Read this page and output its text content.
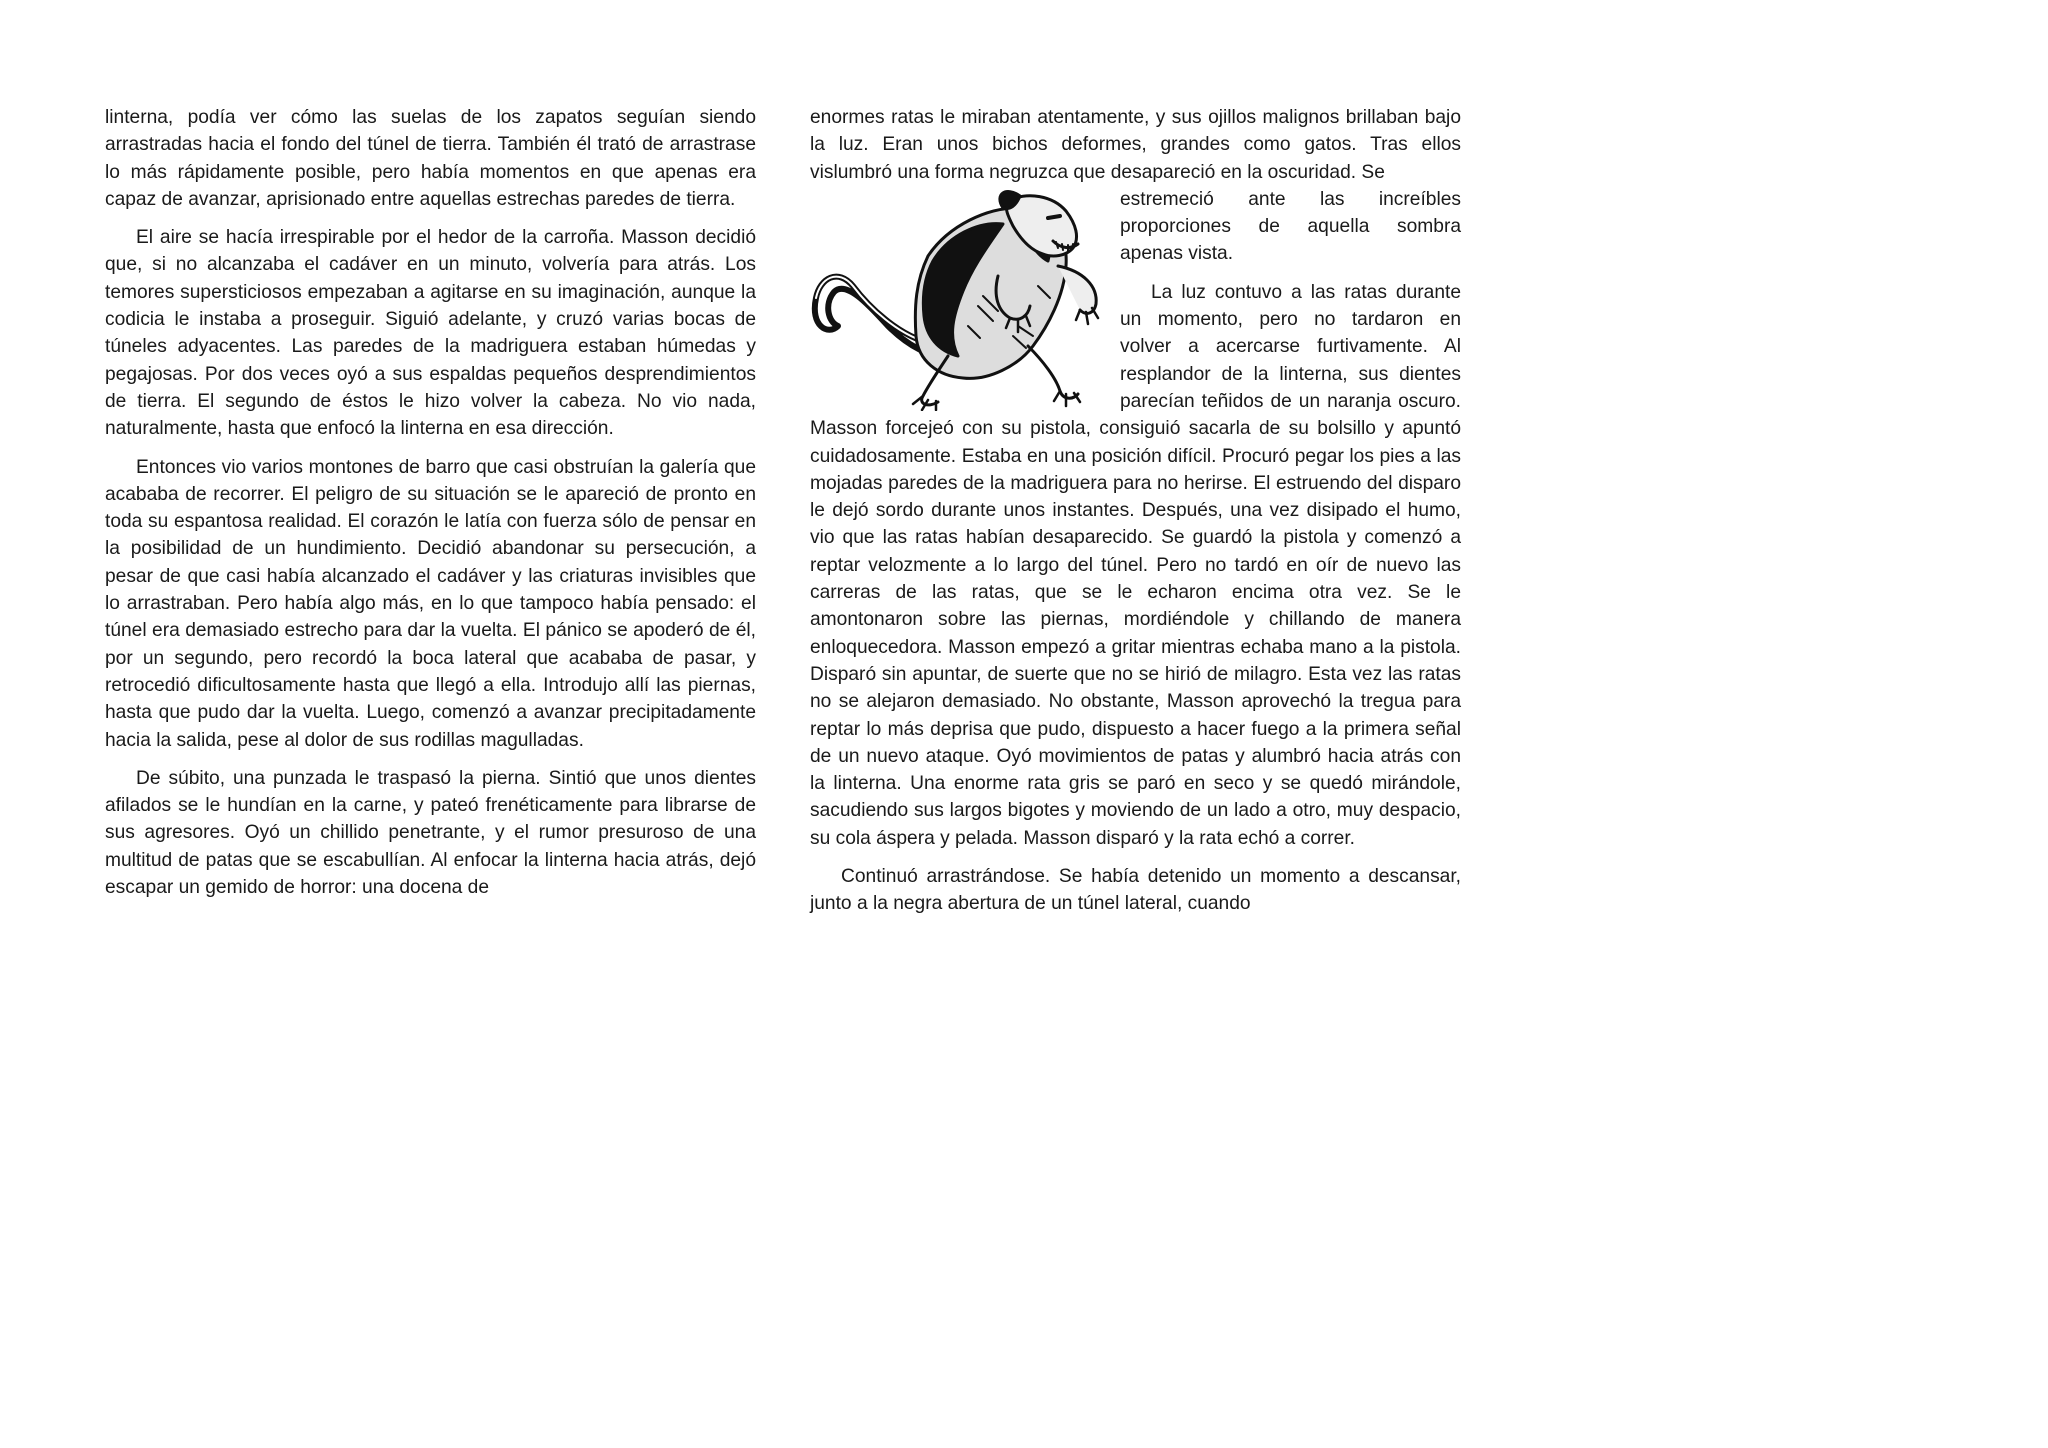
linterna, podía ver cómo las suelas de los zapatos seguían siendo arrastradas hacia el fondo del túnel de tierra. También él trató de arrastrase lo más rápidamente posible, pero había momentos en que apenas era capaz de avanzar, aprisionado entre aquellas estrechas paredes de tierra.

El aire se hacía irrespirable por el hedor de la carroña. Masson decidió que, si no alcanzaba el cadáver en un minuto, volvería para atrás. Los temores supersticiosos empezaban a agitarse en su imaginación, aunque la codicia le instaba a proseguir. Siguió adelante, y cruzó varias bocas de túneles adyacentes. Las paredes de la madriguera estaban húmedas y pegajosas. Por dos veces oyó a sus espaldas pequeños desprendimientos de tierra. El segundo de éstos le hizo volver la cabeza. No vio nada, naturalmente, hasta que enfocó la linterna en esa dirección.

Entonces vio varios montones de barro que casi obstruían la galería que acababa de recorrer. El peligro de su situación se le apareció de pronto en toda su espantosa realidad. El corazón le latía con fuerza sólo de pensar en la posibilidad de un hundimiento. Decidió abandonar su persecución, a pesar de que casi había alcanzado el cadáver y las criaturas invisibles que lo arrastraban. Pero había algo más, en lo que tampoco había pensado: el túnel era demasiado estrecho para dar la vuelta. El pánico se apoderó de él, por un segundo, pero recordó la boca lateral que acababa de pasar, y retrocedió dificultosamente hasta que llegó a ella. Introdujo allí las piernas, hasta que pudo dar la vuelta. Luego, comenzó a avanzar precipitadamente hacia la salida, pese al dolor de sus rodillas magulladas.

De súbito, una punzada le traspasó la pierna. Sintió que unos dientes afilados se le hundían en la carne, y pateó frenéticamente para librarse de sus agresores. Oyó un chillido penetrante, y el rumor presuroso de una multitud de patas que se escabullían. Al enfocar la linterna hacia atrás, dejó escapar un gemido de horror: una docena de

enormes ratas le miraban atentamente, y sus ojillos malignos brillaban bajo la luz. Eran unos bichos deformes, grandes como gatos. Tras ellos vislumbró una forma negruzca que desapareció en la oscuridad. Se

estremeció ante las increíbles proporciones de aquella sombra apenas vista.

La luz contuvo a las ratas durante un momento, pero no tardaron en volver a acercarse furtivamente. Al resplandor de la linterna, sus dientes parecían teñidos de un naranja oscuro. Masson forcejeó con su pistola, consiguió sacarla de su bolsillo y apuntó cuidadosamente. Estaba en una posición difícil. Procuró pegar los pies a las mojadas paredes de la madriguera para no herirse. El estruendo del disparo le dejó sordo durante unos instantes. Después, una vez disipado el humo, vio que las ratas habían desaparecido. Se guardó la pistola y comenzó a reptar velozmente a lo largo del túnel. Pero no tardó en oír de nuevo las carreras de las ratas, que se le echaron encima otra vez. Se le amontonaron sobre las piernas, mordiéndole y chillando de manera enloquecedora. Masson empezó a gritar mientras echaba mano a la pistola. Disparó sin apuntar, de suerte que no se hirió de milagro. Esta vez las ratas no se alejaron demasiado. No obstante, Masson aprovechó la tregua para reptar lo más deprisa que pudo, dispuesto a hacer fuego a la primera señal de un nuevo ataque. Oyó movimientos de patas y alumbró hacia atrás con la linterna. Una enorme rata gris se paró en seco y se quedó mirándole, sacudiendo sus largos bigotes y moviendo de un lado a otro, muy despacio, su cola áspera y pelada. Masson disparó y la rata echó a correr.

Continuó arrastrándose. Se había detenido un momento a descansar, junto a la negra abertura de un túnel lateral, cuando
